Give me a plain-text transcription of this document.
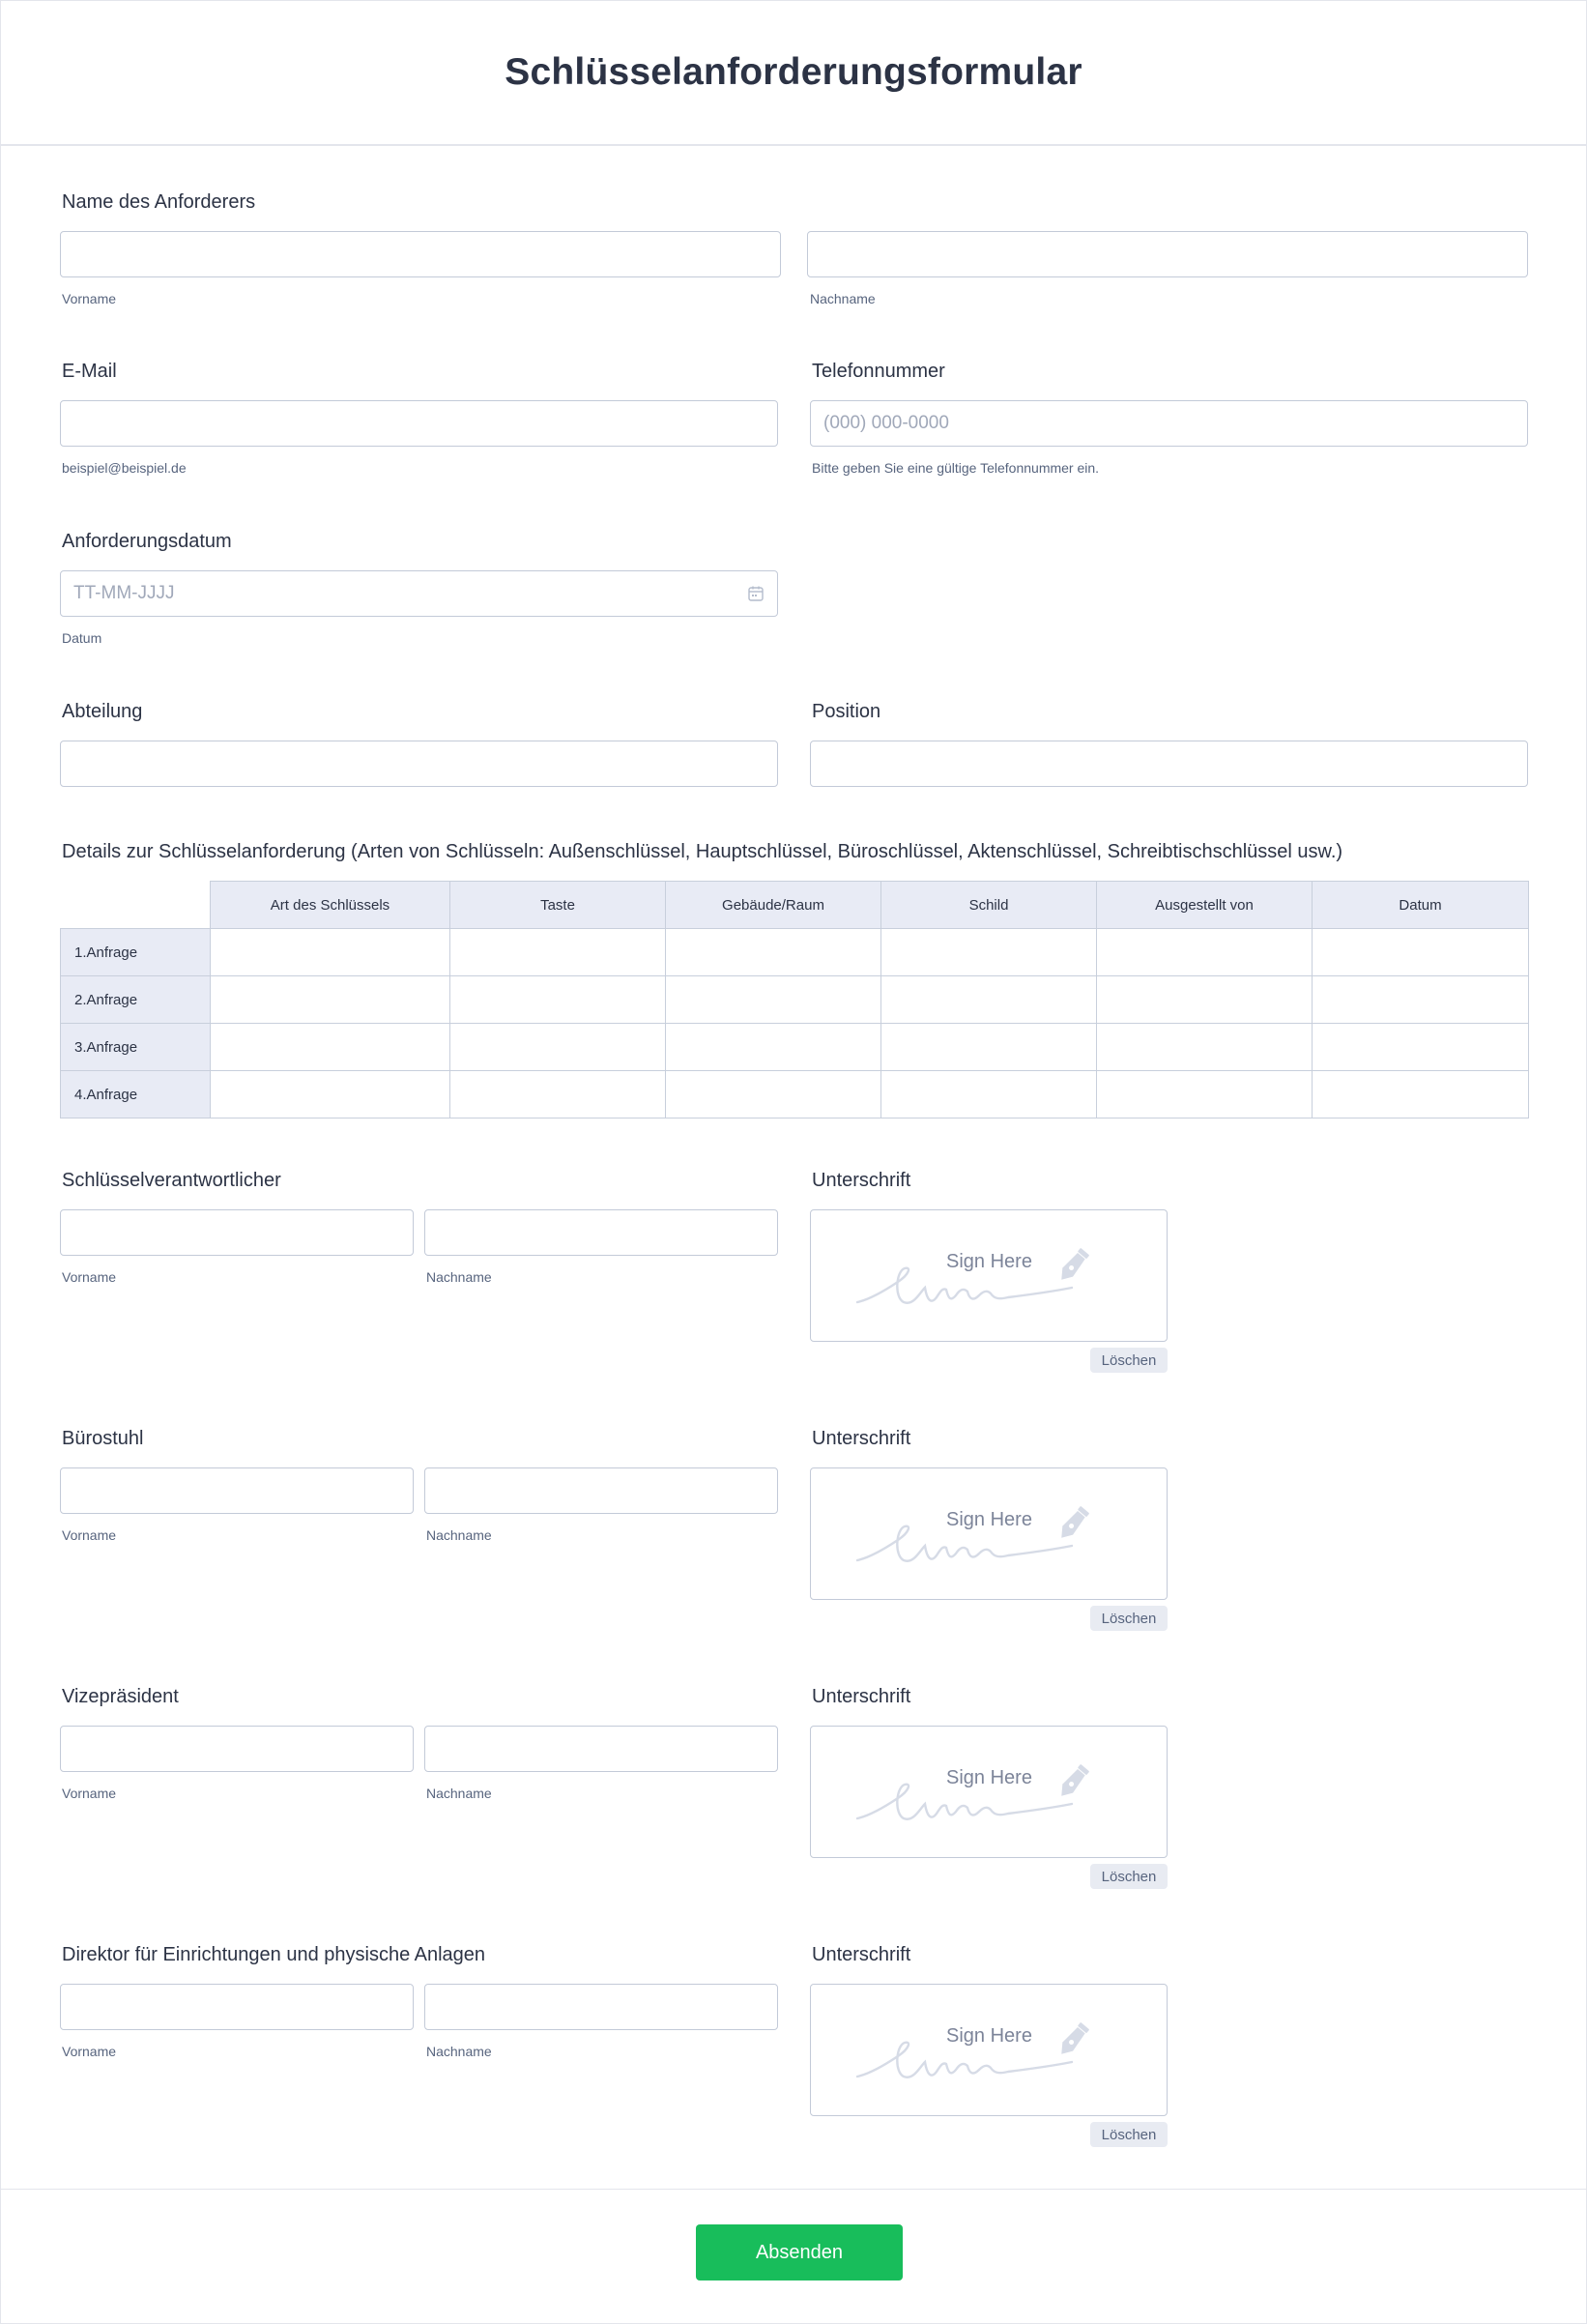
Schlüsselanforderungsformular
Name des Anforderers
Vorname	Nachname
E-Mail
beispiel@beispiel.de
Telefonnummer
(000) 000-0000
Bitte geben Sie eine gültige Telefonnummer ein.
Anforderungsdatum
TT-MM-JJJJ
Datum
Abteilung	Position
Details zur Schlüsselanforderung (Arten von Schlüsseln: Außenschlüssel, Hauptschlüssel, Büroschlüssel, Aktenschlüssel, Schreibtischschlüssel usw.)
	Art des Schlüssels	Taste	Gebäude/Raum	Schild	Ausgestellt von	Datum
1.Anfrage						
2.Anfrage						
3.Anfrage						
4.Anfrage						
Schlüsselverantwortlicher
Vorname	Nachname
Unterschrift
Sign Here
Löschen
Bürostuhl
Vorname	Nachname
Unterschrift
Sign Here
Löschen
Vizepräsident
Vorname	Nachname
Unterschrift
Sign Here
Löschen
Direktor für Einrichtungen und physische Anlagen
Vorname	Nachname
Unterschrift
Sign Here
Löschen
Absenden
